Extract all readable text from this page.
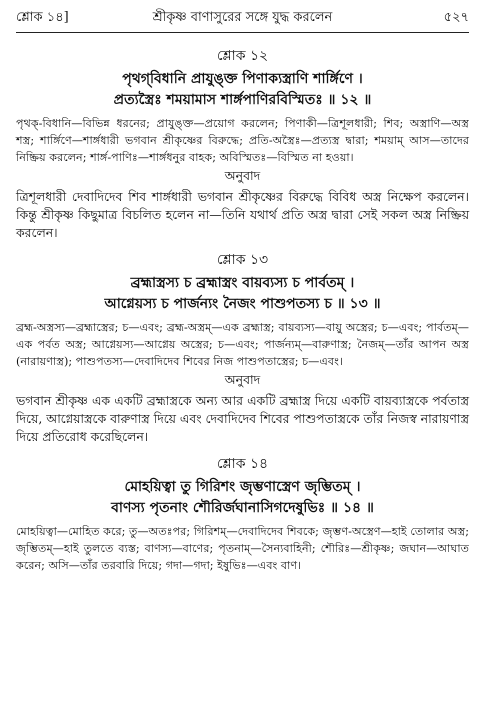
শ্লোক ১৪]	শ্রীকৃষ্ণ বাণাসুরের সঙ্গে যুদ্ধ করলেন	৫২৭
শ্লোক ১২
পৃথগ্‌বিধানি প্রাযুঙ্‌ক্ত পিণাক্যস্ত্রাণি শার্ঙ্গিণে ।
প্রত্যস্ত্রৈঃ শময়ামাস শার্ঙ্গপাণিরবিস্মিতঃ ॥ ১২ ॥
পৃথক্‌-বিধানি—বিভিন্ন ধরনের; প্রাযুঙ্‌ক্ত—প্রয়োগ করলেন; পিণাকী—ত্রিশূলধারী; শিব; অস্ত্রাণি—অস্ত্র শস্ত্র; শার্ঙ্গিণে—শার্ঙ্গধারী ভগবান শ্রীকৃষ্ণের বিরুদ্ধে; প্রতি-অস্ত্রৈঃ—প্রত্যস্ত্র দ্বারা; শময়াম্ আস—তাদের নিষ্ক্রিয় করলেন; শার্ঙ্গ-পাণিঃ—শার্ঙ্গধনুর বাহক; অবিস্মিতঃ—বিস্মিত না হওয়া।
অনুবাদ
ত্রিশূলধারী দেবাদিদেব শিব শার্ঙ্গধারী ভগবান শ্রীকৃষ্ণের বিরুদ্ধে বিবিধ অস্ত্র নিক্ষেপ করলেন। কিন্তু শ্রীকৃষ্ণ কিছুমাত্র বিচলিত হলেন না—তিনি যথার্থ প্রতি অস্ত্র দ্বারা সেই সকল অস্ত্র নিষ্ক্রিয় করলেন।
শ্লোক ১৩
ব্রহ্মাস্ত্রস্য চ ব্রহ্মাস্ত্রং বায়ব্যস্য চ পার্বতম্ ।
আগ্নেয়স্য চ পার্জন্যং নৈজং পাশুপতস্য চ ॥ ১৩ ॥
ব্রহ্ম-অস্ত্রস্য—ব্রহ্মাস্ত্রের; চ—এবং; ব্রহ্ম-অস্ত্রম্—এক ব্রহ্মাস্ত্র; বায়ব্যস্য—বায়ু অস্ত্রের; চ—এবং; পার্বতম্—এক পর্বত অস্ত্র; আগ্নেয়স্য—আগ্নেয় অস্ত্রের; চ—এবং; পার্জন্যম্—বারুণাস্ত্র; নৈজম্—তাঁর আপন অস্ত্র (নারায়ণাস্ত্র); পাশুপতস্য—দেবাদিদেব শিবের নিজ পাশুপতাস্ত্রের; চ—এবং।
অনুবাদ
ভগবান শ্রীকৃষ্ণ এক একটি ব্রহ্মাস্ত্রকে অন্য আর একটি ব্রহ্মাস্ত্র দিয়ে একটি বায়ব্যাস্ত্রকে পর্বতাস্ত্র দিয়ে, আগ্নেয়াস্ত্রকে বারুণাস্ত্র দিয়ে এবং দেবাদিদেব শিবের পাশুপতাস্ত্রকে তাঁর নিজস্ব নারায়ণাস্ত্র দিয়ে প্রতিরোধ করেছিলেন।
শ্লোক ১৪
মোহয়িত্বা তু গিরিশং জৃম্ভণাস্ত্রেণ জৃম্ভিতম্ ।
বাণস্য পৃতনাং শৌরির্জঘানাসিগদেষুভিঃ ॥ ১৪ ॥
মোহয়িত্বা—মোহিত করে; তু—অতঃপর; গিরিশম্—দেবাদিদেব শিবকে; জৃম্ভণ-অস্ত্রেণ—হাই তোলার অস্ত্র; জৃম্ভিতম্—হাই তুলতে ব্যস্ত; বাণস্য—বাণের; পৃতনাম্—সৈন্যবাহিনী; শৌরিঃ—শ্রীকৃষ্ণ; জঘান—আঘাত করেন; অসি—তাঁর তরবারি দিয়ে; গদা—গদা; ইষুভিঃ—এবং বাণ।
